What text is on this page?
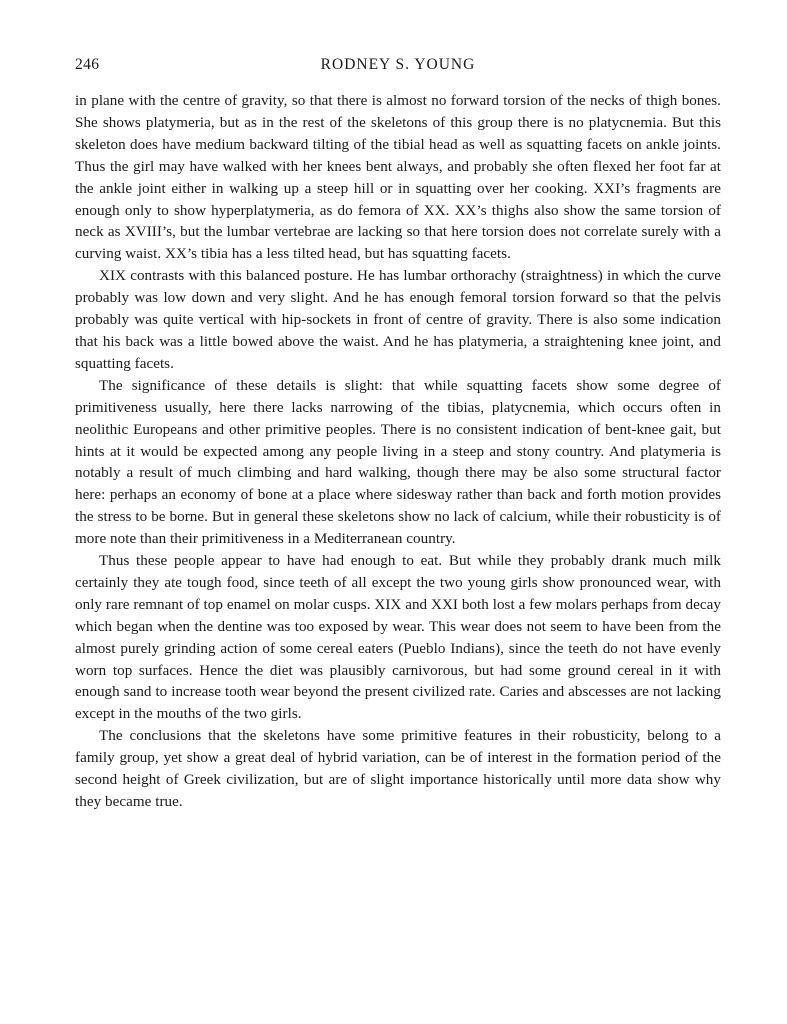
246	RODNEY S. YOUNG

in plane with the centre of gravity, so that there is almost no forward torsion of the necks of thigh bones. She shows platymeria, but as in the rest of the skeletons of this group there is no platycnemia. But this skeleton does have medium backward tilting of the tibial head as well as squatting facets on ankle joints. Thus the girl may have walked with her knees bent always, and probably she often flexed her foot far at the ankle joint either in walking up a steep hill or in squatting over her cooking. XXI’s fragments are enough only to show hyperplatymeria, as do femora of XX. XX’s thighs also show the same torsion of neck as XVIII’s, but the lumbar vertebrae are lacking so that here torsion does not correlate surely with a curving waist. XX’s tibia has a less tilted head, but has squatting facets.

XIX contrasts with this balanced posture. He has lumbar orthorachy (straightness) in which the curve probably was low down and very slight. And he has enough femoral torsion forward so that the pelvis probably was quite vertical with hip-sockets in front of centre of gravity. There is also some indication that his back was a little bowed above the waist. And he has platymeria, a straightening knee joint, and squatting facets.

The significance of these details is slight: that while squatting facets show some degree of primitiveness usually, here there lacks narrowing of the tibias, platycnemia, which occurs often in neolithic Europeans and other primitive peoples. There is no consistent indication of bent-knee gait, but hints at it would be expected among any people living in a steep and stony country. And platymeria is notably a result of much climbing and hard walking, though there may be also some structural factor here: perhaps an economy of bone at a place where sidesway rather than back and forth motion provides the stress to be borne. But in general these skeletons show no lack of calcium, while their robusticity is of more note than their primitiveness in a Mediterranean country.

Thus these people appear to have had enough to eat. But while they probably drank much milk certainly they ate tough food, since teeth of all except the two young girls show pronounced wear, with only rare remnant of top enamel on molar cusps. XIX and XXI both lost a few molars perhaps from decay which began when the dentine was too exposed by wear. This wear does not seem to have been from the almost purely grinding action of some cereal eaters (Pueblo Indians), since the teeth do not have evenly worn top surfaces. Hence the diet was plausibly carnivorous, but had some ground cereal in it with enough sand to increase tooth wear beyond the present civilized rate. Caries and abscesses are not lacking except in the mouths of the two girls.

The conclusions that the skeletons have some primitive features in their robusticity, belong to a family group, yet show a great deal of hybrid variation, can be of interest in the formation period of the second height of Greek civilization, but are of slight importance historically until more data show why they became true.
